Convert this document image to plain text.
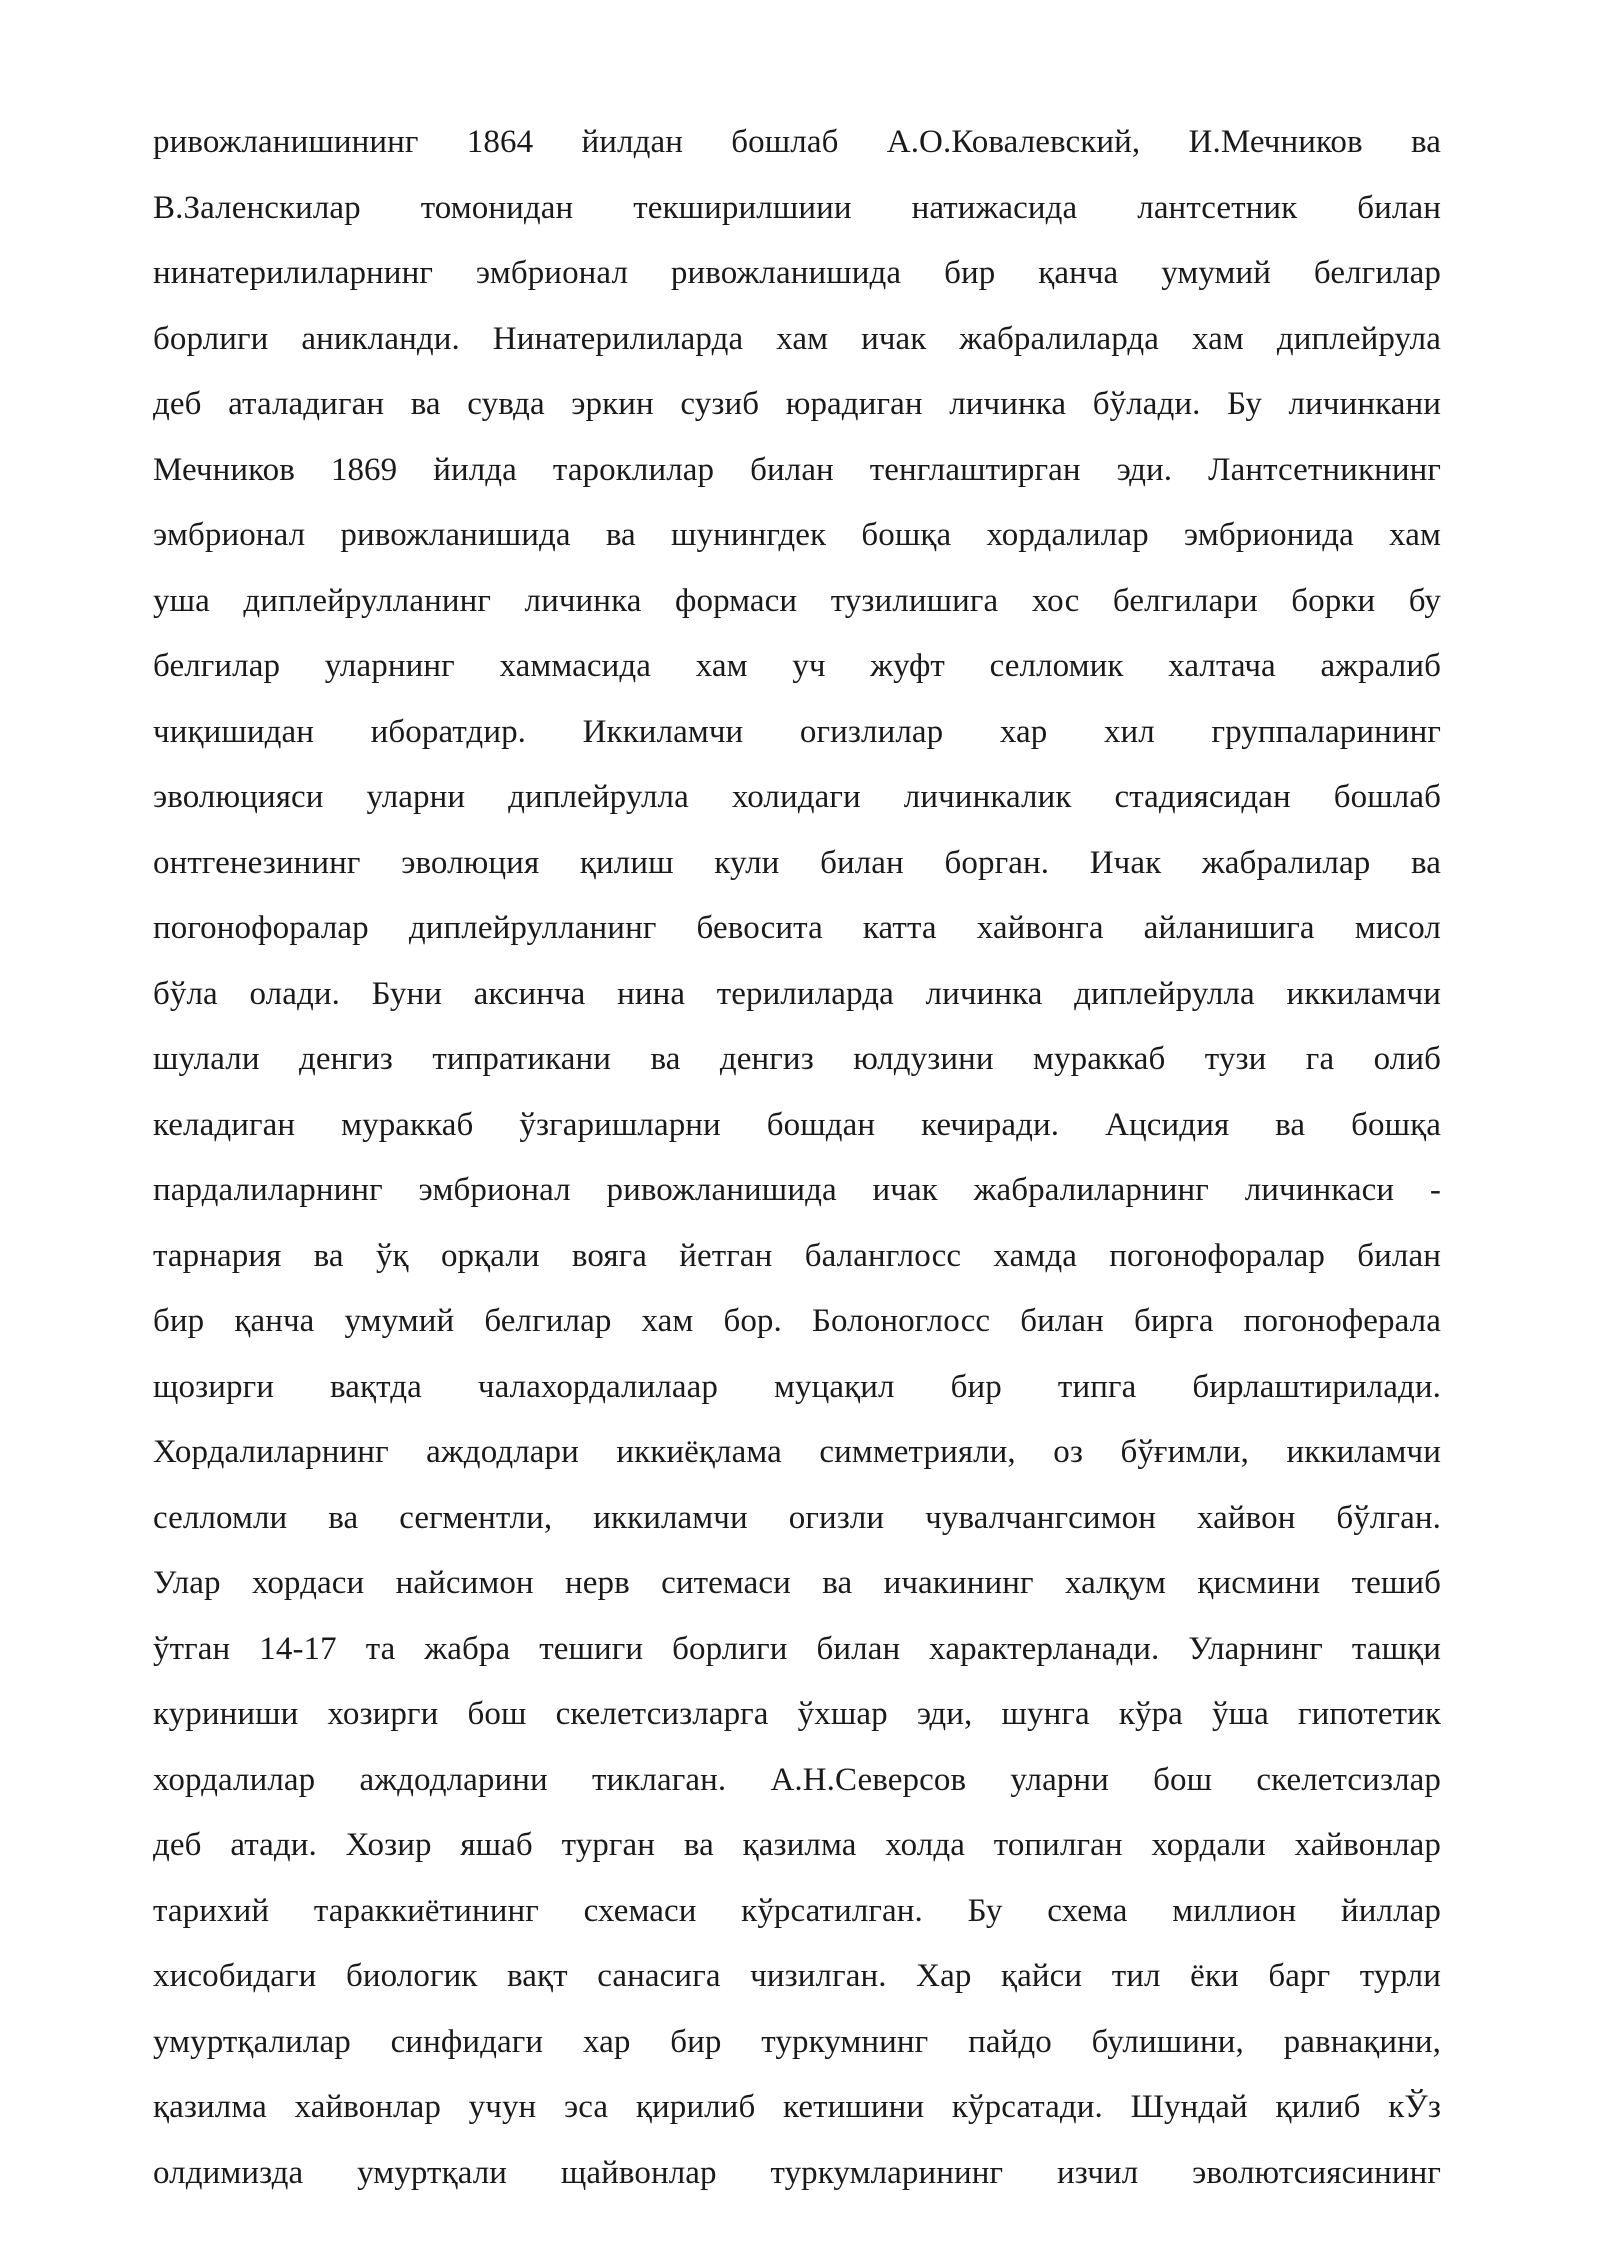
ривожланишининг 1864 йилдан бошлаб А.О.Ковалевский, И.Мечников ва
В.Заленскилар томонидан текширилшиии натижасида лантсетник билан
нинатерилиларнинг эмбрионал ривожланишида бир қанча умумий белгилар
борлиги аникланди. Нинатерилиларда хам ичак жабралиларда хам диплейрула
деб аталадиган ва сувда эркин сузиб юрадиган личинка бўлади. Бу личинкани
Мечников 1869 йилда тароклилар билан тенглаштирган эди. Лантсетникнинг
эмбрионал ривожланишида ва шунингдек бошқа хордалилар эмбрионида хам
уша диплейрулланинг личинка формаси тузилишига хос белгилари борки бу
белгилар уларнинг хаммасида хам уч жуфт селломик халтача ажралиб
чиқишидан иборатдир. Иккиламчи огизлилар хар хил группаларининг
эволюцияси уларни диплейрулла холидаги личинкалик стадиясидан бошлаб
онтгенезининг эволюция қилиш кули билан борган. Ичак жабралилар ва
погонофоралар диплейрулланинг бевосита катта хайвонга айланишига мисол
бўла олади. Буни аксинча нина терилиларда личинка диплейрулла иккиламчи
шулали денгиз типратикани ва денгиз юлдузини мураккаб тузи га олиб
келадиган мураккаб ўзгаришларни бошдан кечиради. Ацсидия ва бошқа
пардалиларнинг эмбрионал ривожланишида ичак жабралиларнинг личинкаси -
тарнария ва ўқ орқали вояга йетган баланглосс хамда погонофоралар билан
бир қанча умумий белгилар хам бор. Болоноглосс билан бирга погоноферала
щозирги вақтда чалахордалилаар муцақил бир типга бирлаштирилади.
Хордалиларнинг аждодлари иккиёқлама симметрияли, оз бўғимли, иккиламчи
селломли ва сегментли, иккиламчи огизли чувалчангсимон хайвон бўлган.
Улар хордаси найсимон нерв ситемаси ва ичакининг халқум қисмини тешиб
ўтган 14-17 та жабра тешиги борлиги билан характерланади. Уларнинг ташқи
куриниши хозирги бош скелетсизларга ўхшар эди, шунга кўра ўша гипотетик
хордалилар аждодларини тиклаган. А.Н.Северсов уларни бош скелетсизлар
деб атади. Хозир яшаб турган ва қазилма холда топилган хордали хайвонлар
тарихий тараккиётининг схемаси кўрсатилган. Бу схема миллион йиллар
хисобидаги биологик вақт санасига чизилган. Хар қайси тил ёки барг турли
умуртқалилар синфидаги хар бир туркумнинг пайдо булишини, равнақини,
қазилма хайвонлар учун эса қирилиб кетишини кўрсатади. Шундай қилиб кЎз
олдимизда умуртқали щайвонлар туркумларининг изчил эволютсиясининг
